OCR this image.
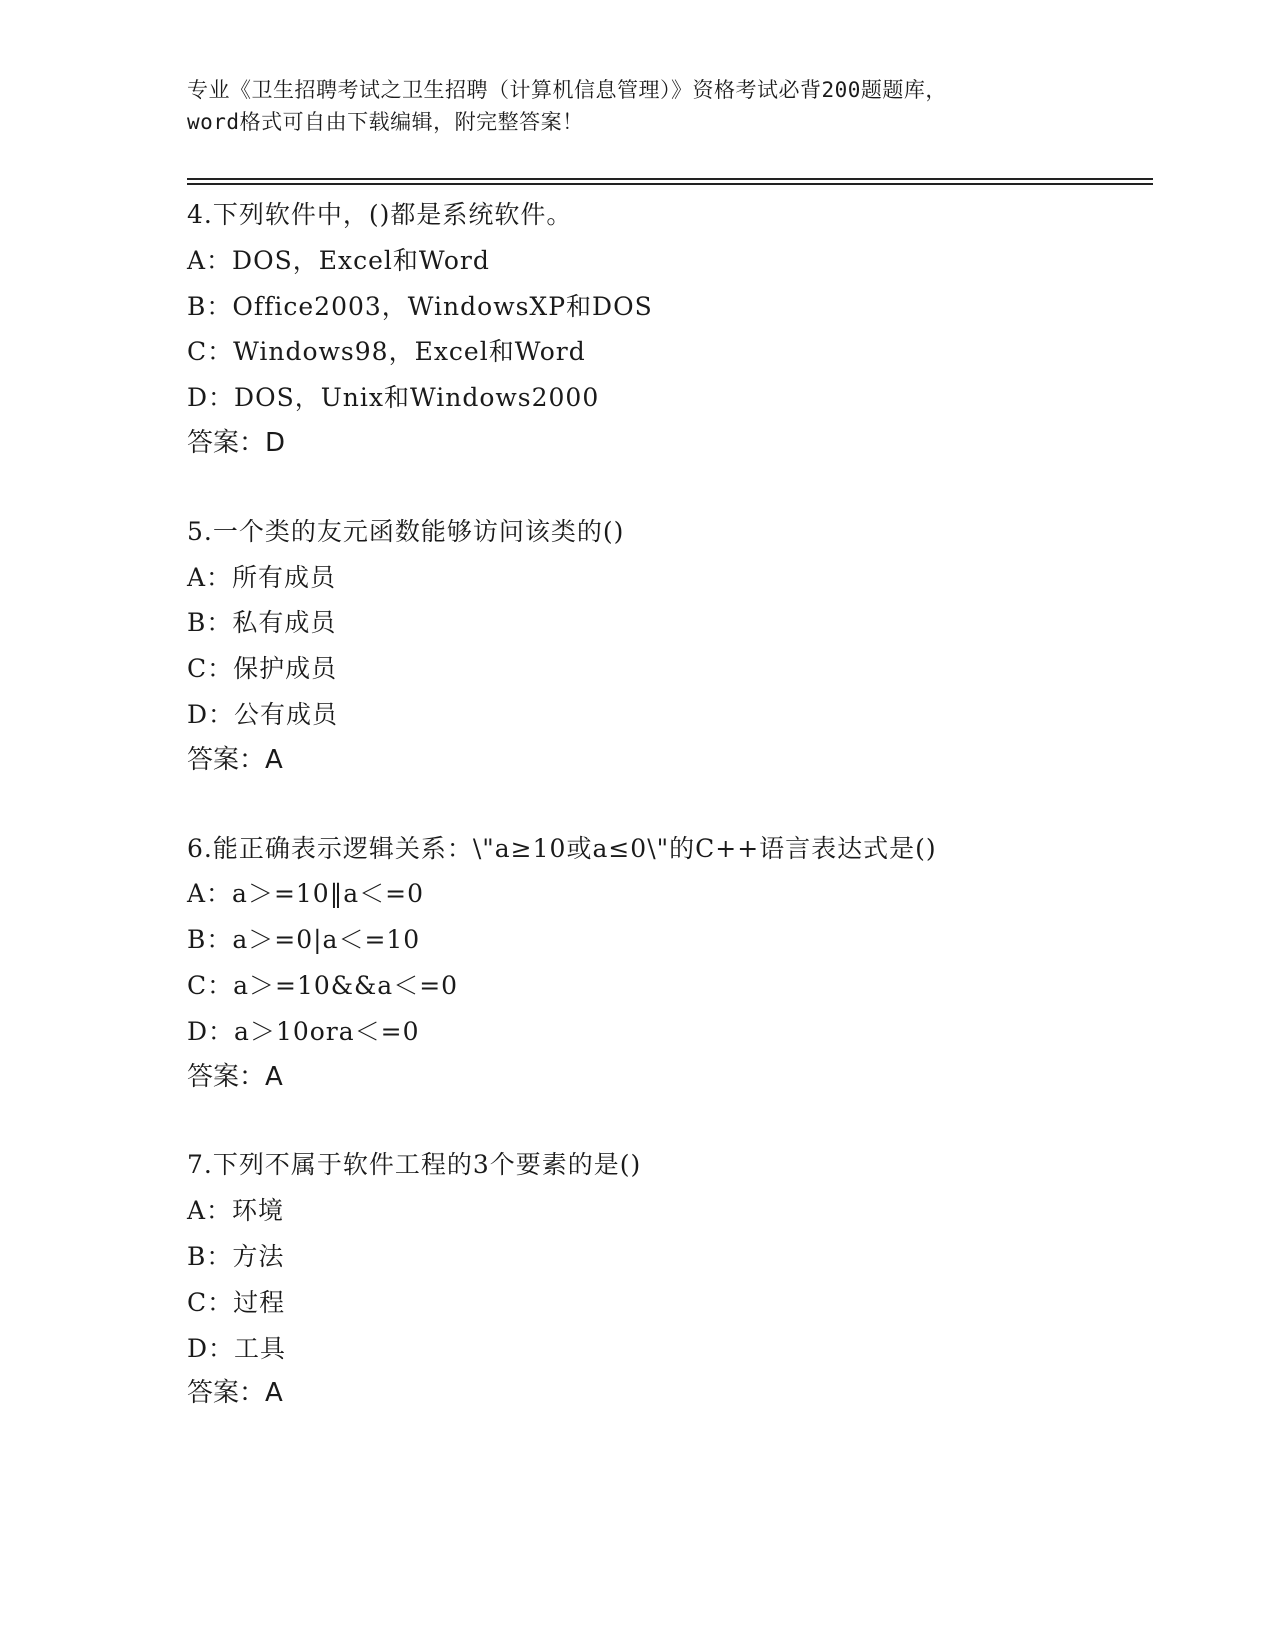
专业《卫生招聘考试之卫生招聘（计算机信息管理）》资格考试必背200题题库，
word格式可自由下载编辑，附完整答案！
4.下列软件中，()都是系统软件。
A：DOS，Excel和Word
B：Office2003，WindowsXP和DOS
C：Windows98，Excel和Word
D：DOS，Unix和Windows2000
答案：D
5.一个类的友元函数能够访问该类的()
A：所有成员
B：私有成员
C：保护成员
D：公有成员
答案：A
6.能正确表示逻辑关系：\"a≥10或a≤0\"的C++语言表达式是()
A：a＞=10‖a＜=0
B：a＞=0|a＜=10
C：a＞=10&&a＜=0
D：a＞10ora＜=0
答案：A
7.下列不属于软件工程的3个要素的是()
A：环境
B：方法
C：过程
D：工具
答案：A
